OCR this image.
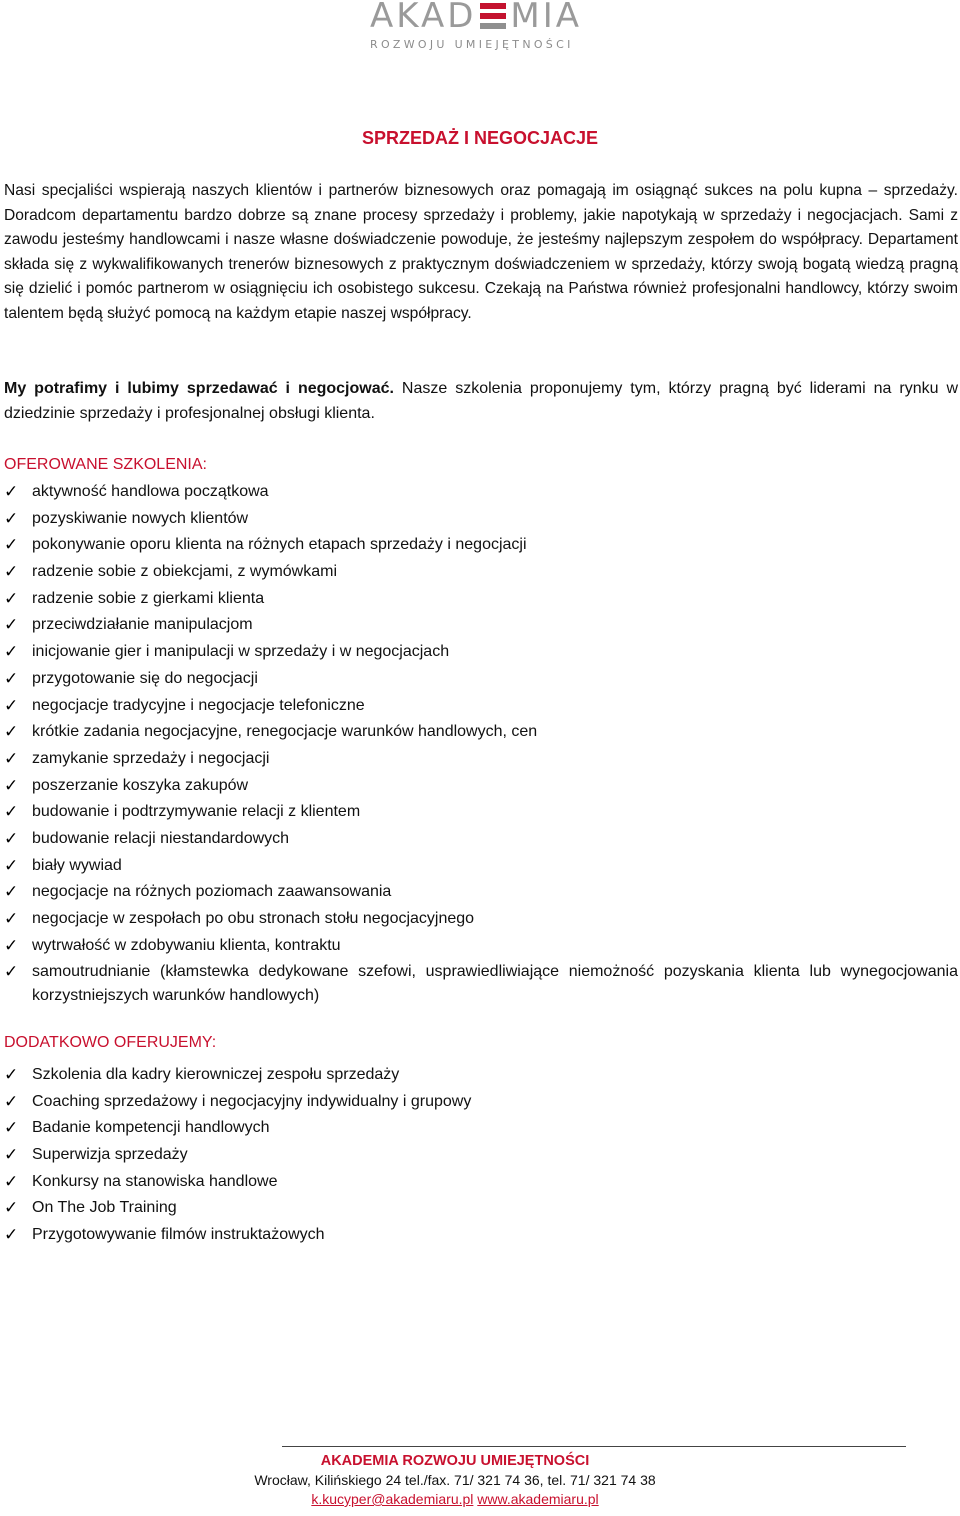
AKAD MIA
ROZWOJU UMIEJĘTNOŚCI
SPRZEDAŻ I NEGOCJACJE

Nasi specjaliści wspierają naszych klientów i partnerów biznesowych oraz pomagają im osiągnąć sukces na polu kupna – sprzedaży. Doradcom departamentu bardzo dobrze są znane procesy sprzedaży i problemy, jakie napotykają w sprzedaży i negocjacjach. Sami z zawodu jesteśmy handlowcami i nasze własne doświadczenie powoduje, że jesteśmy najlepszym zespołem do współpracy. Departament składa się z wykwalifikowanych trenerów biznesowych z praktycznym doświadczeniem w sprzedaży, którzy swoją bogatą wiedzą pragną się dzielić i pomóc partnerom w osiągnięciu ich osobistego sukcesu. Czekają na Państwa również profesjonalni handlowcy, którzy swoim talentem będą służyć pomocą na każdym etapie naszej współpracy.

My potrafimy i lubimy sprzedawać i negocjować. Nasze szkolenia proponujemy tym, którzy pragną być liderami na rynku w dziedzinie sprzedaży i profesjonalnej obsługi klienta.
OFEROWANE SZKOLENIA:
✓ aktywność handlowa początkowa
✓ pozyskiwanie nowych klientów
✓ pokonywanie oporu klienta na różnych etapach sprzedaży i negocjacji
✓ radzenie sobie z obiekcjami, z wymówkami
✓ radzenie sobie z gierkami klienta
✓ przeciwdziałanie manipulacjom
✓ inicjowanie gier i manipulacji w sprzedaży i w negocjacjach
✓ przygotowanie się do negocjacji
✓ negocjacje tradycyjne i negocjacje telefoniczne
✓ krótkie zadania negocjacyjne, renegocjacje warunków handlowych, cen
✓ zamykanie sprzedaży i negocjacji
✓ poszerzanie koszyka zakupów
✓ budowanie i podtrzymywanie relacji z klientem
✓ budowanie relacji niestandardowych
✓ biały wywiad
✓ negocjacje na różnych poziomach zaawansowania
✓ negocjacje w zespołach po obu stronach stołu negocjacyjnego
✓ wytrwałość w zdobywaniu klienta, kontraktu
✓ samoutrudnianie (kłamstewka dedykowane szefowi, usprawiedliwiające niemożność pozyskania klienta lub wynegocjowania korzystniejszych warunków handlowych)
DODATKOWO OFERUJEMY:
✓ Szkolenia dla kadry kierowniczej zespołu sprzedaży
✓ Coaching sprzedażowy i negocjacyjny indywidualny i grupowy
✓ Badanie kompetencji handlowych
✓ Superwizja sprzedaży
✓ Konkursy na stanowiska handlowe
✓ On The Job Training
✓ Przygotowywanie filmów instruktażowych
AKADEMIA ROZWOJU UMIEJĘTNOŚCI
Wrocław, Kilińskiego 24 tel./fax. 71/ 321 74 36, tel. 71/ 321 74 38
k.kucyper@akademiaru.pl www.akademiaru.pl
